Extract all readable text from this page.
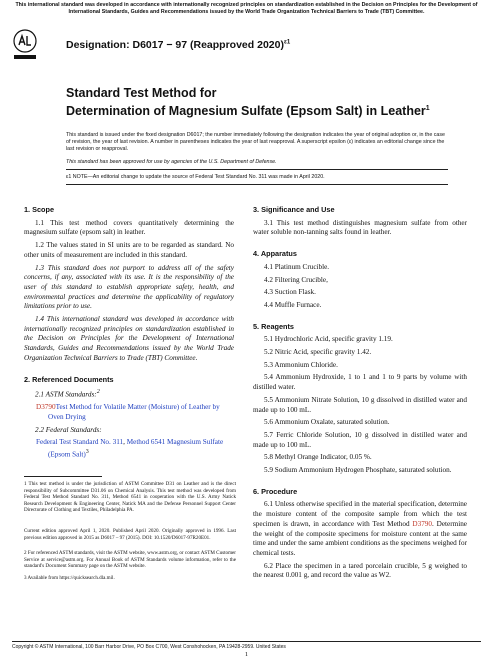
This international standard was developed in accordance with internationally recognized principles on standardization established in the Decision on Principles for the Development of International Standards, Guides and Recommendations issued by the World Trade Organization Technical Barriers to Trade (TBT) Committee.
Designation: D6017 − 97 (Reapproved 2020)$^{\varepsilon 1}$
Standard Test Method for
Determination of Magnesium Sulfate (Epsom Salt) in Leather$^1$
This standard is issued under the fixed designation D6017; the number immediately following the designation indicates the year of original adoption or, in the case of revision, the year of last revision. A number in parentheses indicates the year of last reapproval. A superscript epsilon (ε) indicates an editorial change since the last revision or reapproval.
This standard has been approved for use by agencies of the U.S. Department of Defense.
ε1 NOTE—An editorial change to update the source of Federal Test Standard No. 311 was made in April 2020.
1. Scope

1.1 This test method covers quantitatively determining the magnesium sulfate (epsom salt) in leather.

1.2 The values stated in SI units are to be regarded as standard. No other units of measurement are included in this standard.

1.3 This standard does not purport to address all of the safety concerns, if any, associated with its use. It is the responsibility of the user of this standard to establish appropriate safety, health, and environmental practices and determine the applicability of regulatory limitations prior to use.

1.4 This international standard was developed in accordance with internationally recognized principles on standardization established in the Decision on Principles for the Development of International Standards, Guides and Recommendations issued by the World Trade Organization Technical Barriers to Trade (TBT) Committee.

2. Referenced Documents

2.1 ASTM Standards:$^2$

D3790Test Method for Volatile Matter (Moisture) of Leather by Oven Drying

2.2 Federal Standards:

Federal Test Standard No. 311, Method 6541 Magnesium Sulfate (Epsom Salt)$^3$

1 This test method is under the jurisdiction of ASTM Committee D31 on Leather and is the direct responsibility of Subcommittee D31.06 on Chemical Analysis. This test method was developed from Federal Test Method Standard No. 311, Method 6541 in cooperation with the U.S. Army Natick Research Development & Engineering Center, Natick MA and the Defense Personnel Support Center Directorate of Clothing and Textiles, Philadelphia PA.
Current edition approved April 1, 2020. Published April 2020. Originally approved in 1996. Last previous edition approved in 2015 as D6017 – 97 (2015). DOI: 10.1520/D6017-97R20E01.
2 For referenced ASTM standards, visit the ASTM website, www.astm.org, or contact ASTM Customer Service at service@astm.org. For Annual Book of ASTM Standards volume information, refer to the standard's Document Summary page on the ASTM website.
3 Available from https://quicksearch.dla.mil.
3. Significance and Use

3.1 This test method distinguishes magnesium sulfate from other water soluble non-tanning salts found in leather.

4. Apparatus

4.1 Platinum Crucible.

4.2 Filtering Crucible,

4.3 Suction Flask.

4.4 Muffle Furnace.

5. Reagents

5.1 Hydrochloric Acid, specific gravity 1.19.

5.2 Nitric Acid, specific gravity 1.42.

5.3 Ammonium Chloride.

5.4 Ammonium Hydroxide, 1 to 1 and 1 to 9 parts by volume with distilled water.

5.5 Ammonium Nitrate Solution, 10 g dissolved in distilled water and made up to 100 mL.

5.6 Ammonium Oxalate, saturated solution.

5.7 Ferric Chloride Solution, 10 g dissolved in distilled water and made up to 100 mL.

5.8 Methyl Orange Indicator, 0.05 %.

5.9 Sodium Ammonium Hydrogen Phosphate, saturated solution.

6. Procedure

6.1 Unless otherwise specified in the material specification, determine the moisture content of the composite sample from which the test specimen is drawn, in accordance with Test Method D3790. Determine the weight of the composite specimens for moisture content at the same time and under the same ambient conditions as the specimens weighed for chemical tests.

6.2 Place the specimen in a tared porcelain crucible, 5 g weighed to the nearest 0.001 g, and record the value as W2.

Copyright © ASTM International, 100 Barr Harbor Drive, PO Box C700, West Conshohocken, PA 19428-2959. United States
1
